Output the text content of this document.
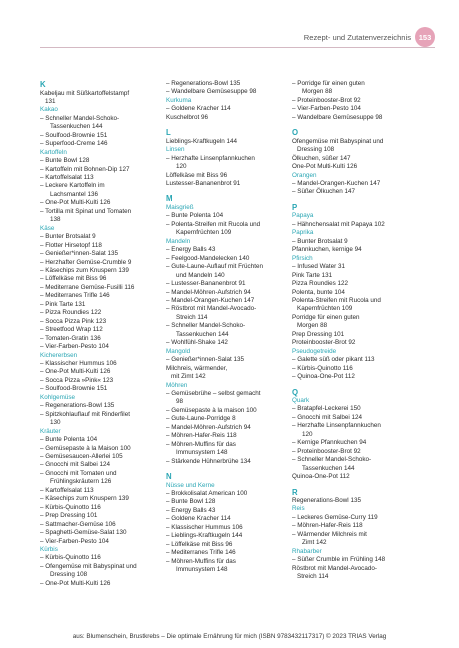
Rezept- und Zutatenverzeichnis	153
K
Kabeljau mit Süßkartoffelstampf
131
Kakao
– Schneller Mandel-Schoko-
Tassenkuchen 144
– Soulfood-Brownie 151
– Superfood-Creme 146
Kartoffeln
– Bunte Bowl 128
– Kartoffeln mit Bohnen-Dip 127
– Kartoffelsalat 113
– Leckere Kartoffeln im
Lachsmantel 136
– One-Pot Multi-Kulti 126
– Tortilla mit Spinat und Tomaten
138
Käse
– Bunter Brotsalat 9
– Flotter Hirsetopf 118
– Genießer*innen-Salat 135
– Herzhafter Gemüse-Crumble 9
– Käsechips zum Knuspern 139
– Löffelkäse mit Biss 96
– Mediterrane Gemüse-Fusilli 116
– Mediterranes Trifle 146
– Pink Tarte 131
– Pizza Roundies 122
– Socca Pizza Pink 123
– Streetfood Wrap 112
– Tomaten-Gratin 136
– Vier-Farben-Pesto 104
Kichererbsen
– Klassischer Hummus 106
– One-Pot Multi-Kulti 126
– Socca Pizza »Pink« 123
– Soulfood-Brownie 151
Kohlgemüse
– Regenerations-Bowl 135
– Spitzkohlauflauf mit Rinderfilet
130
Kräuter
– Bunte Polenta 104
– Gemüsepaste à la Maison 100
– Gemüsesaucen-Allerlei 105
– Gnocchi mit Salbei 124
– Gnocchi mit Tomaten und
Frühlingskräutern 126
– Kartoffelsalat 113
– Käsechips zum Knuspern 139
– Kürbis-Quinotto 116
– Prep Dressing 101
– Sattmacher-Gemüse 106
– Spaghetti-Gemüse-Salat 130
– Vier-Farben-Pesto 104
Kürbis
– Kürbis-Quinotto 116
– Ofengemüse mit Babyspinat und
Dressing 108
– One-Pot Multi-Kulti 126
– Regenerations-Bowl 135
– Wandelbare Gemüsesuppe 98
Kurkuma
– Goldene Kracher 114
Kuschelbrot 96
L
Lieblings-Kraftkugeln 144
Linsen
– Herzhafte Linsenpfannkuchen
120
Löffelkäse mit Biss 96
Lustesser-Bananenbrot 91
M
Maisgrieß
– Bunte Polenta 104
– Polenta-Streifen mit Rucola und
Kapernfrüchten 109
Mandeln
– Energy Balls 43
– Feelgood-Mandelecken 140
– Gute-Laune-Auflauf mit Früchten
und Mandeln 140
– Lustesser-Bananenbrot 91
– Mandel-Möhren-Aufstrich 94
– Mandel-Orangen-Kuchen 147
– Röstbrot mit Mandel-Avocado-
Streich 114
– Schneller Mandel-Schoko-
Tassenkuchen 144
– Wohlfühl-Shake 142
Mangold
– Genießer*innen-Salat 135
Milchreis, wärmender,
mit Zimt 142
Möhren
– Gemüsebrühe – selbst gemacht
98
– Gemüsepaste à la maison 100
– Gute-Laune-Porridge 8
– Mandel-Möhren-Aufstrich 94
– Möhren-Hafer-Reis 118
– Möhren-Muffins für das
Immunsystem 148
– Stärkende Hühnerbrühe 134
N
Nüsse und Kerne
– Brokkolisalat American 100
– Bunte Bowl 128
– Energy Balls 43
– Goldene Kracher 114
– Klassischer Hummus 106
– Lieblings-Kraftkugeln 144
– Löffelkäse mit Biss 96
– Mediterranes Trifle 146
– Möhren-Muffins für das
Immunsystem 148
– Porridge für einen guten
Morgen 88
– Proteinbooster-Brot 92
– Vier-Farben-Pesto 104
– Wandelbare Gemüsesuppe 98
O
Ofengemüse mit Babyspinat und
Dressing 108
Ölkuchen, süßer 147
One-Pot Multi-Kulti 126
Orangen
– Mandel-Orangen-Kuchen 147
– Süßer Ölkuchen 147
P
Papaya
– Hähnchensalat mit Papaya 102
Paprika
– Bunter Brotsalat 9
Pfannkuchen, kernige 94
Pfirsich
– Infused Water 31
Pink Tarte 131
Pizza Roundies 122
Polenta, bunte 104
Polenta-Streifen mit Rucola und
Kapernfrüchten 109
Porridge für einen guten
Morgen 88
Prep Dressing 101
Proteinbooster-Brot 92
Pseudogetreide
– Galette süß oder pikant 113
– Kürbis-Quinotto 116
– Quinoa-One-Pot 112
Q
Quark
– Bratapfel-Leckerei 150
– Gnocchi mit Salbei 124
– Herzhafte Linsenpfannkuchen
120
– Kernige Pfannkuchen 94
– Proteinbooster-Brot 92
– Schneller Mandel-Schoko-
Tassenkuchen 144
Quinoa-One-Pot 112
R
Regenerations-Bowl 135
Reis
– Leckeres Gemüse-Curry 119
– Möhren-Hafer-Reis 118
– Wärmender Milchreis mit
Zimt 142
Rhabarber
– Süßer Crumble im Frühling 148
Röstbrot mit Mandel-Avocado-
Streich 114
aus: Blumenschein, Brustkrebs – Die optimale Ernährung für mich (ISBN 9783432117317) © 2023 TRIAS Verlag
